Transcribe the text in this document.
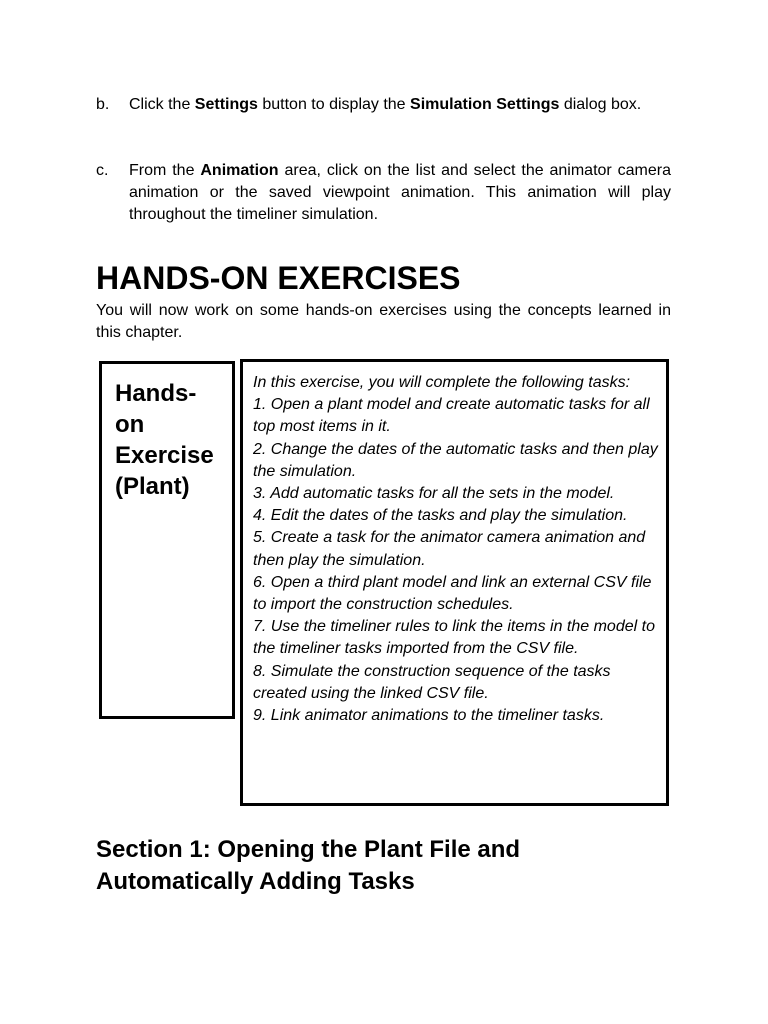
b. Click the Settings button to display the Simulation Settings dialog box.
c. From the Animation area, click on the list and select the animator camera animation or the saved viewpoint animation. This animation will play throughout the timeliner simulation.
HANDS-ON EXERCISES

You will now work on some hands-on exercises using the concepts learned in this chapter.

Hands-on Exercise (Plant)

In this exercise, you will complete the following tasks:

1. Open a plant model and create automatic tasks for all top most items in it.
2. Change the dates of the automatic tasks and then play the simulation.
3. Add automatic tasks for all the sets in the model.
4. Edit the dates of the tasks and play the simulation.
5. Create a task for the animator camera animation and then play the simulation.
6. Open a third plant model and link an external CSV file to import the construction schedules.
7. Use the timeliner rules to link the items in the model to the timeliner tasks imported from the CSV file.
8. Simulate the construction sequence of the tasks created using the linked CSV file.
9. Link animator animations to the timeliner tasks.
Section 1: Opening the Plant File and Automatically Adding Tasks
